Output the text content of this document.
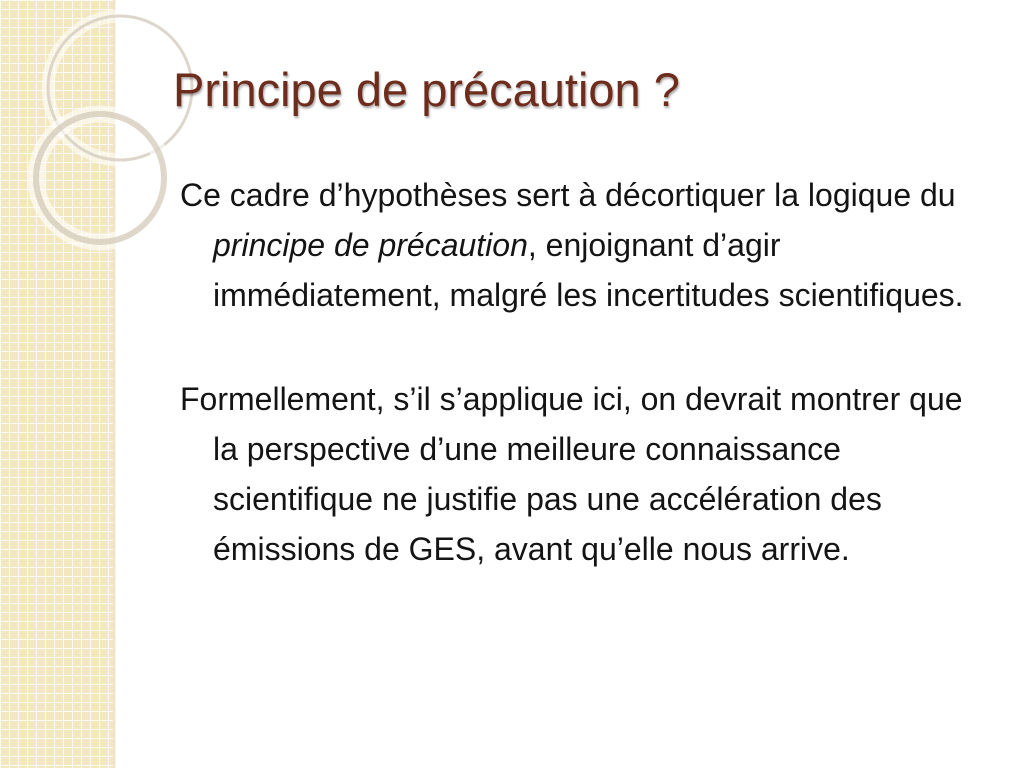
Principe de précaution ?

Ce cadre d’hypothèses sert à décortiquer la logique du principe de précaution, enjoignant d’agir immédiatement, malgré les incertitudes scientifiques.

Formellement, s’il s’applique ici, on devrait montrer que la perspective d’une meilleure connaissance scientifique ne justifie pas une accélération des émissions de GES, avant qu’elle nous arrive.
